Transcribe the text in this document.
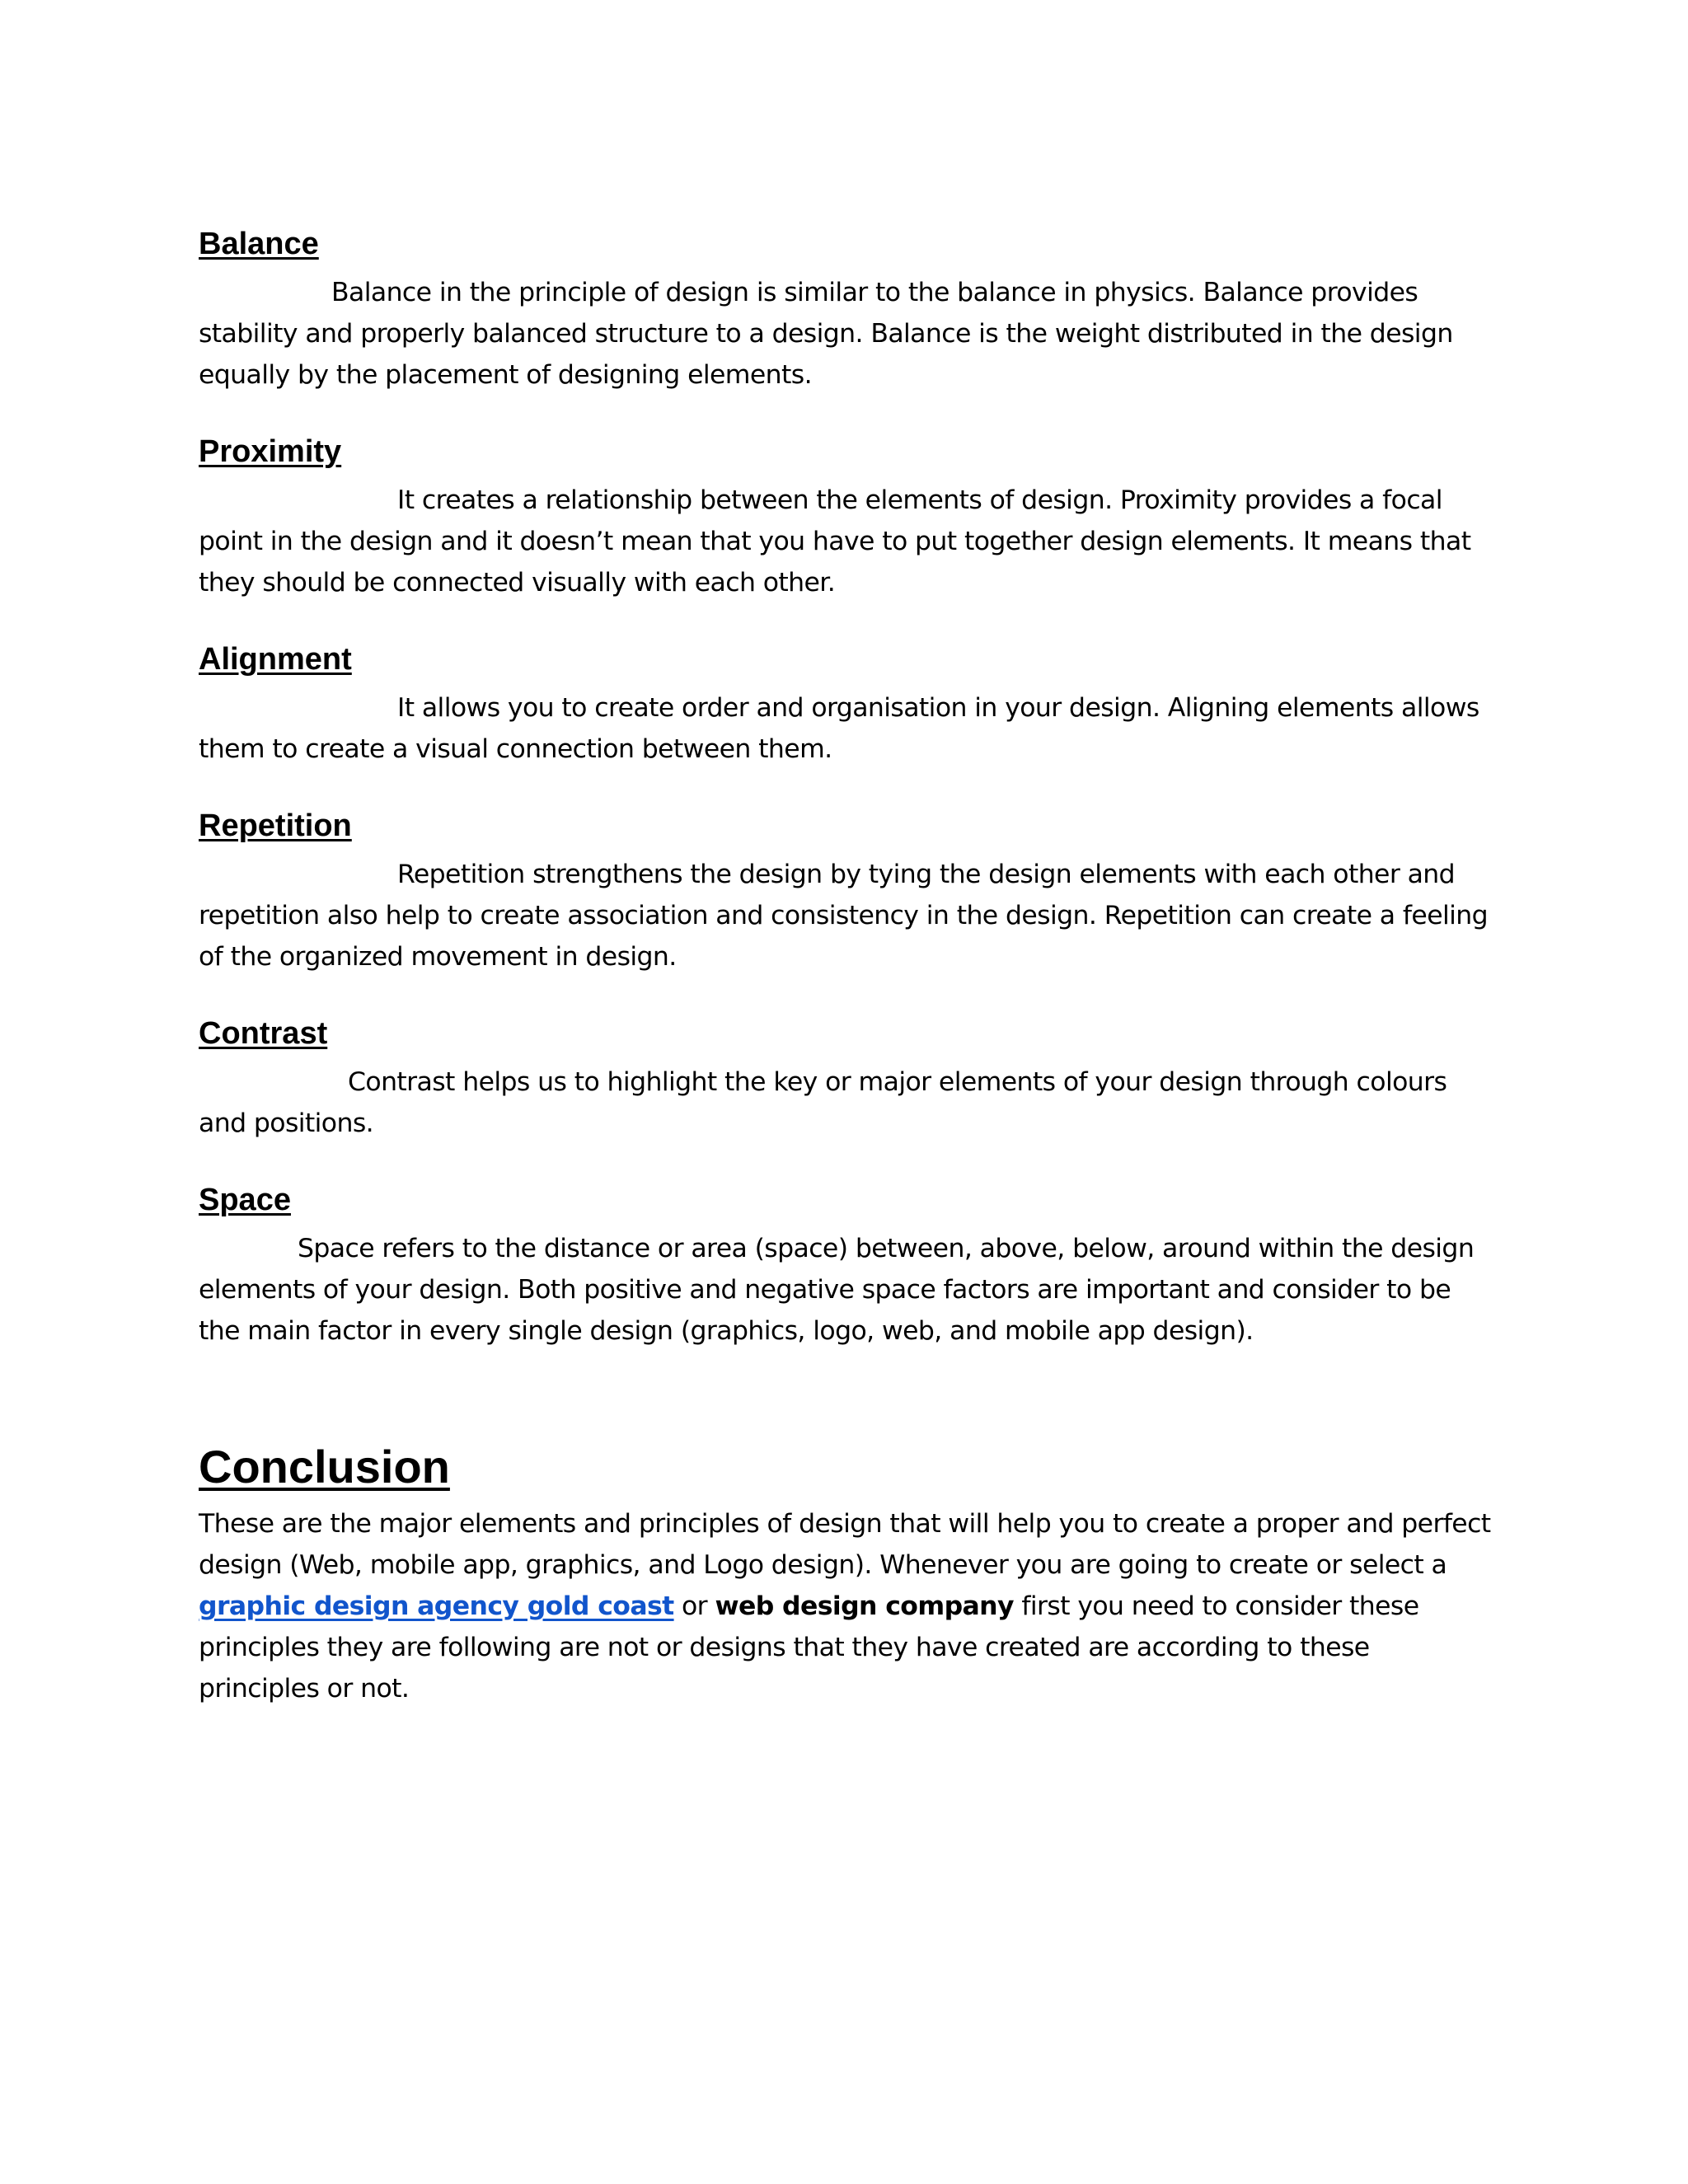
Balance

Balance in the principle of design is similar to the balance in physics. Balance provides stability and properly balanced structure to a design. Balance is the weight distributed in the design equally by the placement of designing elements.

Proximity

It creates a relationship between the elements of design. Proximity provides a focal point in the design and it doesn’t mean that you have to put together design elements. It means that they should be connected visually with each other.

Alignment

It allows you to create order and organisation in your design. Aligning elements allows them to create a visual connection between them.

Repetition

Repetition strengthens the design by tying the design elements with each other and repetition also help to create association and consistency in the design. Repetition can create a feeling of the organized movement in design.

Contrast

Contrast helps us to highlight the key or major elements of your design through colours and positions.

Space

Space refers to the distance or area (space) between, above, below, around within the design elements of your design. Both positive and negative space factors are important and consider to be the main factor in every single design (graphics, logo, web, and mobile app design).

Conclusion

These are the major elements and principles of design that will help you to create a proper and perfect design (Web, mobile app, graphics, and Logo design). Whenever you are going to create or select a graphic design agency gold coast or web design company first you need to consider these principles they are following are not or designs that they have created are according to these principles or not.
